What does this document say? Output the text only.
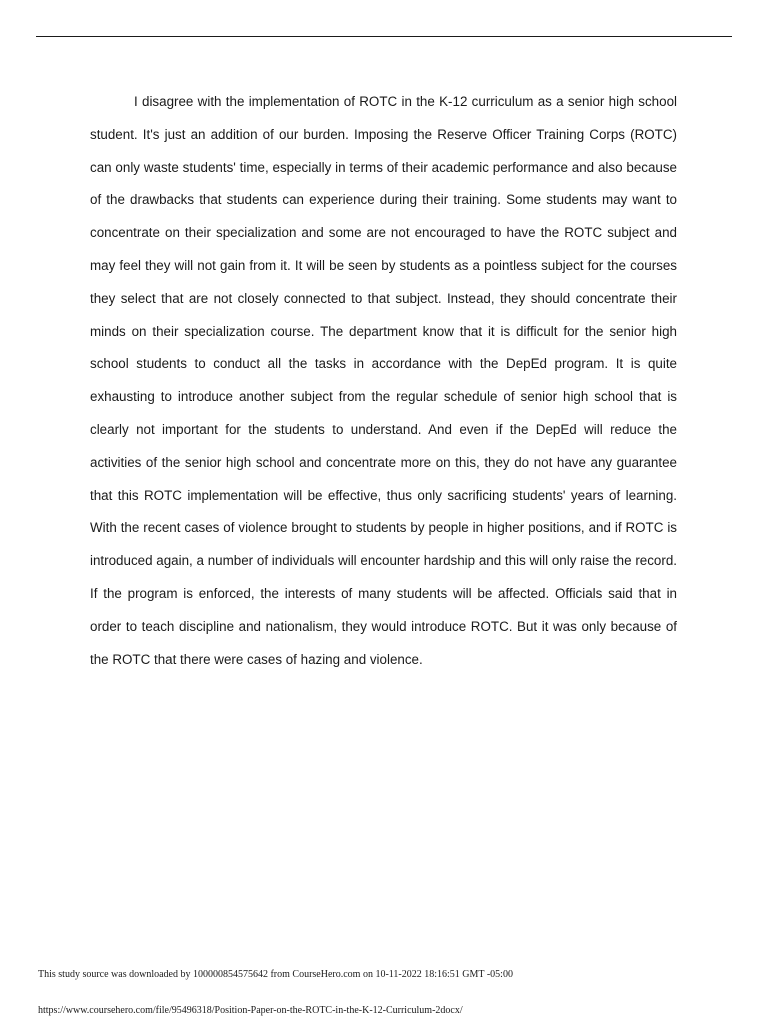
I disagree with the implementation of ROTC in the K-12 curriculum as a senior high school student. It's just an addition of our burden. Imposing the Reserve Officer Training Corps (ROTC) can only waste students' time, especially in terms of their academic performance and also because of the drawbacks that students can experience during their training. Some students may want to concentrate on their specialization and some are not encouraged to have the ROTC subject and may feel they will not gain from it. It will be seen by students as a pointless subject for the courses they select that are not closely connected to that subject. Instead, they should concentrate their minds on their specialization course. The department know that it is difficult for the senior high school students to conduct all the tasks in accordance with the DepEd program. It is quite exhausting to introduce another subject from the regular schedule of senior high school that is clearly not important for the students to understand. And even if the DepEd will reduce the activities of the senior high school and concentrate more on this, they do not have any guarantee that this ROTC implementation will be effective, thus only sacrificing students' years of learning. With the recent cases of violence brought to students by people in higher positions, and if ROTC is introduced again, a number of individuals will encounter hardship and this will only raise the record. If the program is enforced, the interests of many students will be affected. Officials said that in order to teach discipline and nationalism, they would introduce ROTC. But it was only because of the ROTC that there were cases of hazing and violence.

This study source was downloaded by 100000854575642 from CourseHero.com on 10-11-2022 18:16:51 GMT -05:00

https://www.coursehero.com/file/95496318/Position-Paper-on-the-ROTC-in-the-K-12-Curriculum-2docx/
